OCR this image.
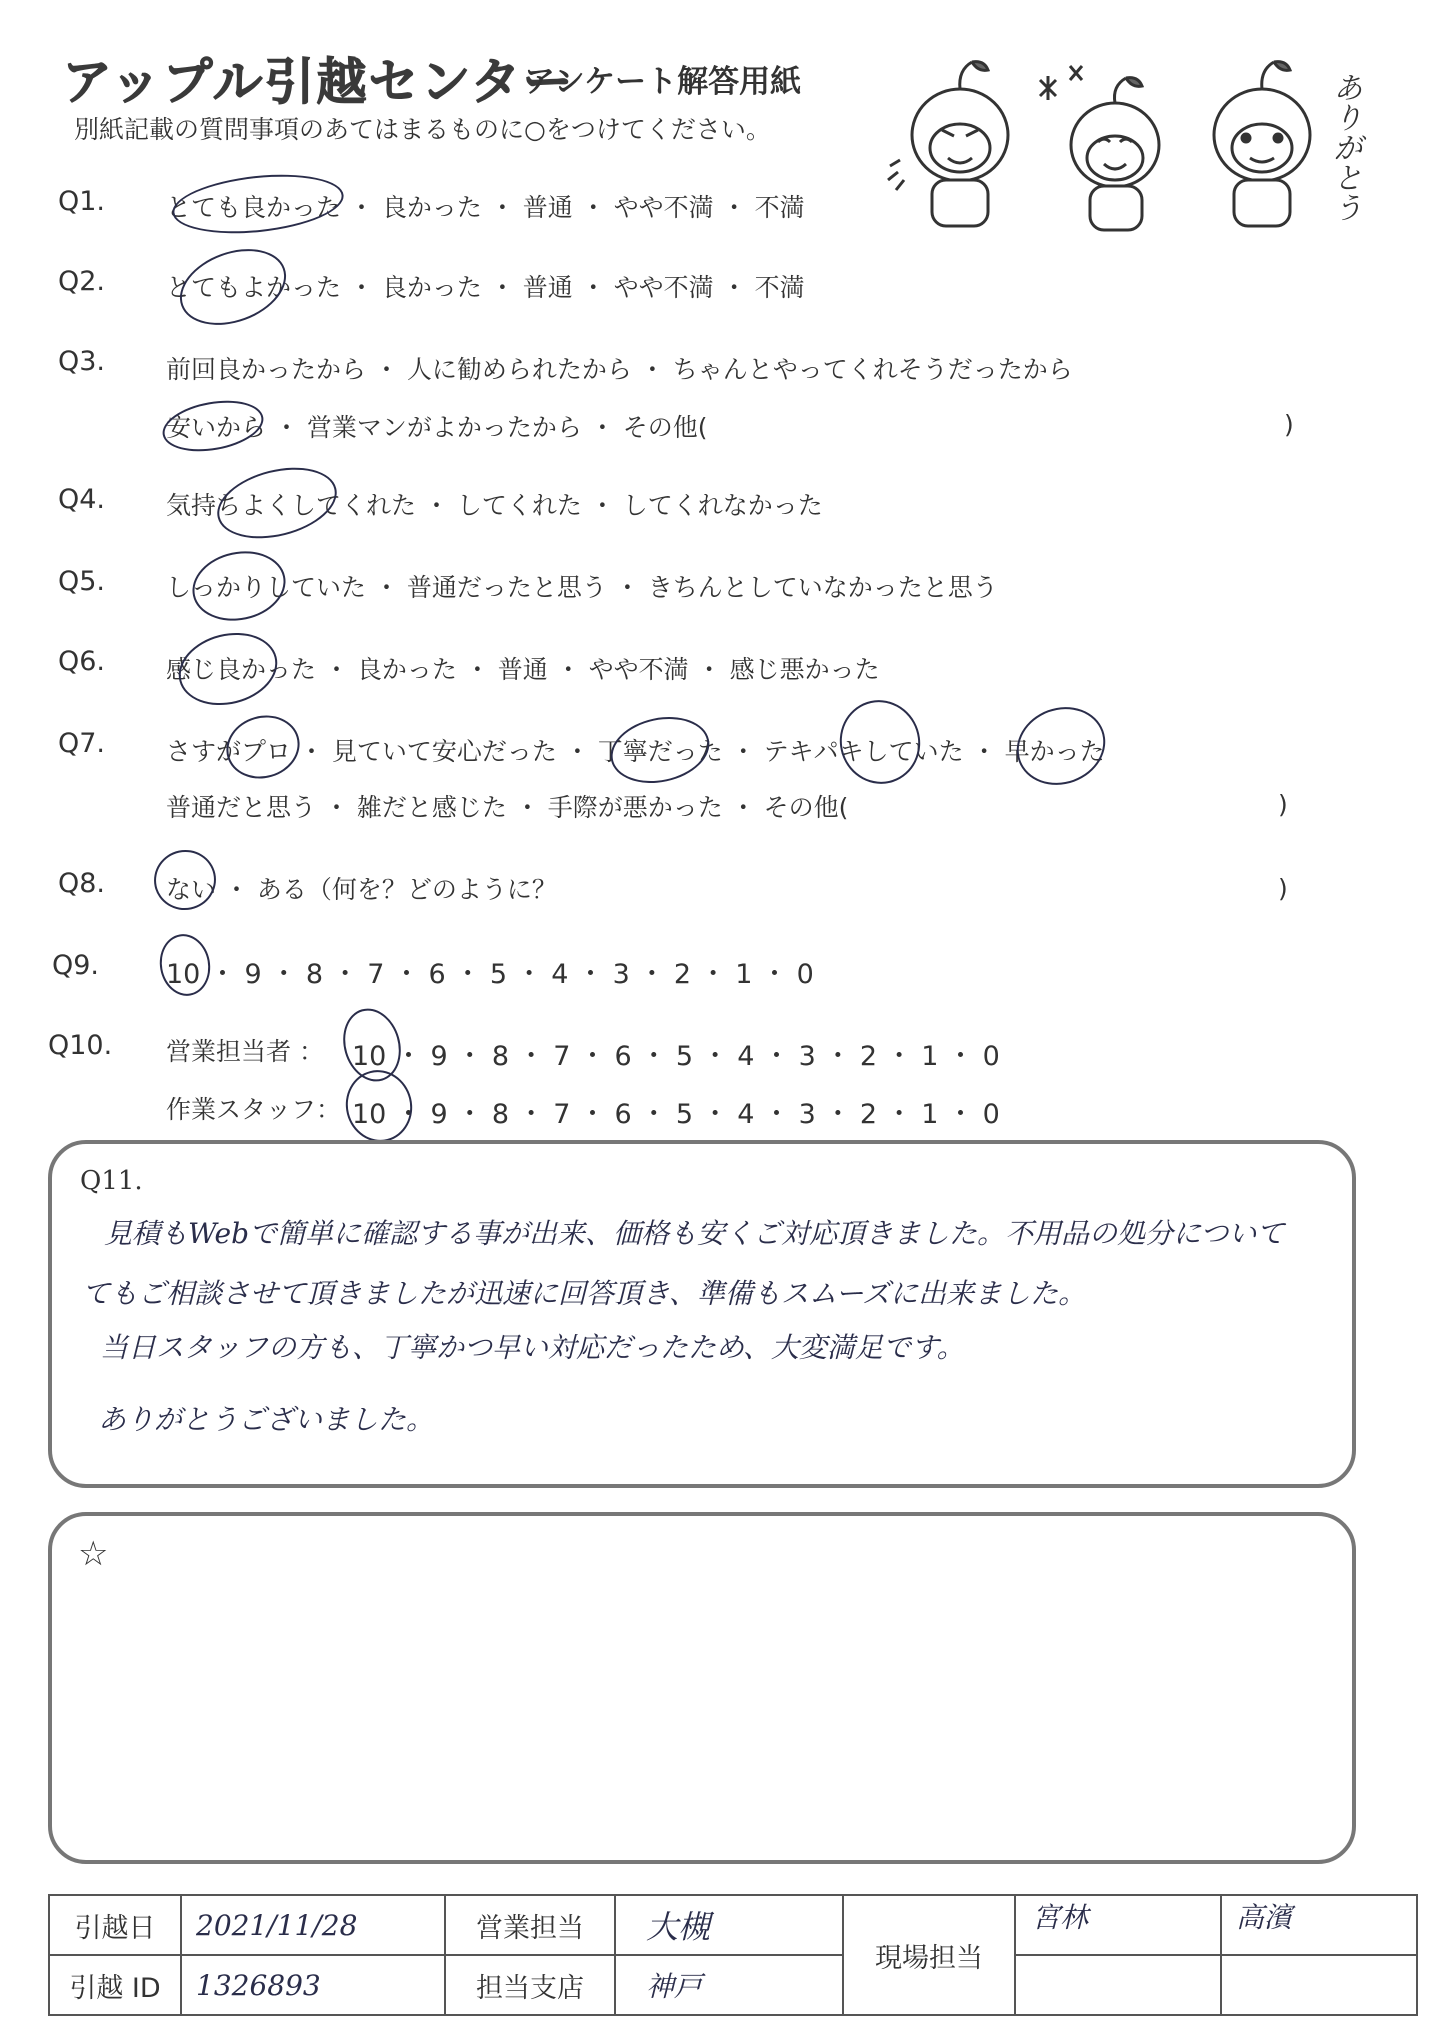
アップル引越センター
アンケート解答用紙
別紙記載の質問事項のあてはまるものに○をつけてください。	ありがとう
Q1. とても良かった ・ 良かった ・ 普通 ・ やや不満 ・ 不満
Q2. とてもよかった ・ 良かった ・ 普通 ・ やや不満 ・ 不満
Q3. 前回良かったから ・ 人に勧められたから ・ ちゃんとやってくれそうだったから
安いから ・ 営業マンがよかったから ・ その他(	)
Q4. 気持ちよくしてくれた ・ してくれた ・ してくれなかった
Q5. しっかりしていた ・ 普通だったと思う ・ きちんとしていなかったと思う
Q6. 感じ良かった ・ 良かった ・ 普通 ・ やや不満 ・ 感じ悪かった
Q7. さすがプロ ・ 見ていて安心だった ・ 丁寧だった ・ テキパキしていた ・ 早かった
普通だと思う ・ 雑だと感じた ・ 手際が悪かった ・ その他(	)
Q8. ない ・ ある（何を？どのように？	)
Q9. 10 ・ 9 ・ 8 ・ 7 ・ 6 ・ 5 ・ 4 ・ 3 ・ 2 ・ 1 ・ 0
Q10. 営業担当者 ： 10 ・ 9 ・ 8 ・ 7 ・ 6 ・ 5 ・ 4 ・ 3 ・ 2 ・ 1 ・ 0
作業スタッフ： 10 ・ 9 ・ 8 ・ 7 ・ 6 ・ 5 ・ 4 ・ 3 ・ 2 ・ 1 ・ 0
Q11.
見積もWebで簡単に確認する事が出来、価格も安くご対応頂きました。不用品の処分について
てもご相談させて頂きましたが迅速に回答頂き、準備もスムーズに出来ました。
当日スタッフの方も、丁寧かつ早い対応だったため、大変満足です。
ありがとうございました。
☆
引越日	2021/11/28	営業担当	大槻	現場担当	宮林	高濱
引越 ID	1326893	担当支店	神戸			
